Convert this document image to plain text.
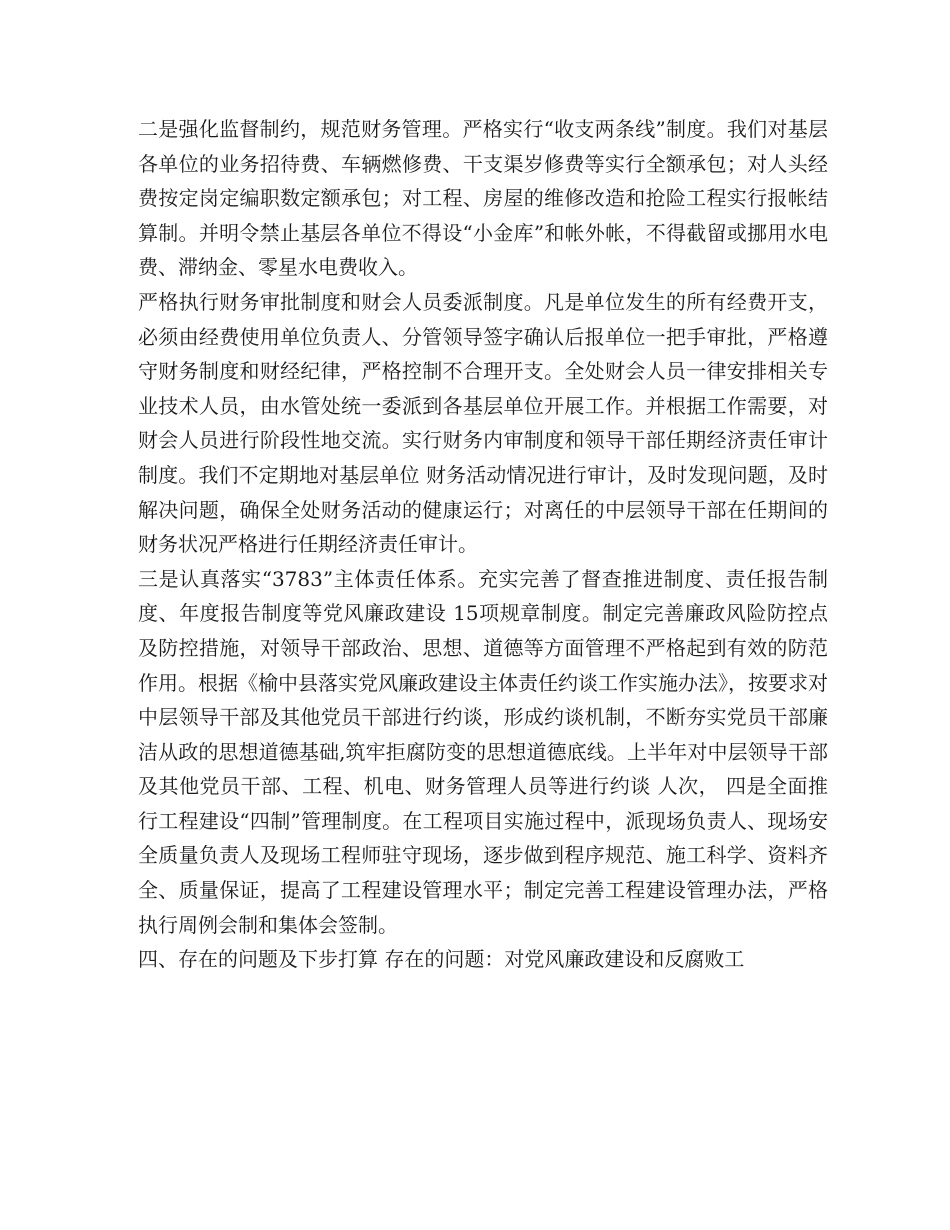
二是强化监督制约，规范财务管理。严格实行“收支两条线”制度。我们对基层各单位的业务招待费、车辆燃修费、干支渠岁修费等实行全额承包；对人头经费按定岗定编职数定额承包；对工程、房屋的维修改造和抢险工程实行报帐结算制。并明令禁止基层各单位不得设“小金库”和帐外帐，不得截留或挪用水电费、滞纳金、零星水电费收入。

严格执行财务审批制度和财会人员委派制度。凡是单位发生的所有经费开支，必须由经费使用单位负责人、分管领导签字确认后报单位一把手审批，严格遵守财务制度和财经纪律，严格控制不合理开支。全处财会人员一律安排相关专业技术人员，由水管处统一委派到各基层单位开展工作。并根据工作需要，对财会人员进行阶段性地交流。实行财务内审制度和领导干部任期经济责任审计制度。我们不定期地对基层单位 财务活动情况进行审计，及时发现问题，及时解决问题，确保全处财务活动的健康运行；对离任的中层领导干部在任期间的财务状况严格进行任期经济责任审计。

三是认真落实“3783”主体责任体系。充实完善了督查推进制度、责任报告制度、年度报告制度等党风廉政建设 15项规章制度。制定完善廉政风险防控点及防控措施，对领导干部政治、思想、道德等方面管理不严格起到有效的防范作用。根据《榆中县落实党风廉政建设主体责任约谈工作实施办法》，按要求对中层领导干部及其他党员干部进行约谈，形成约谈机制，不断夯实党员干部廉洁从政的思想道德基础,筑牢拒腐防变的思想道德底线。上半年对中层领导干部及其他党员干部、工程、机电、财务管理人员等进行约谈 人次， 四是全面推行工程建设“四制”管理制度。在工程项目实施过程中，派现场负责人、现场安全质量负责人及现场工程师驻守现场，逐步做到程序规范、施工科学、资料齐全、质量保证，提高了工程建设管理水平；制定完善工程建设管理办法，严格执行周例会制和集体会签制。

四、存在的问题及下步打算 存在的问题：对党风廉政建设和反腐败工
